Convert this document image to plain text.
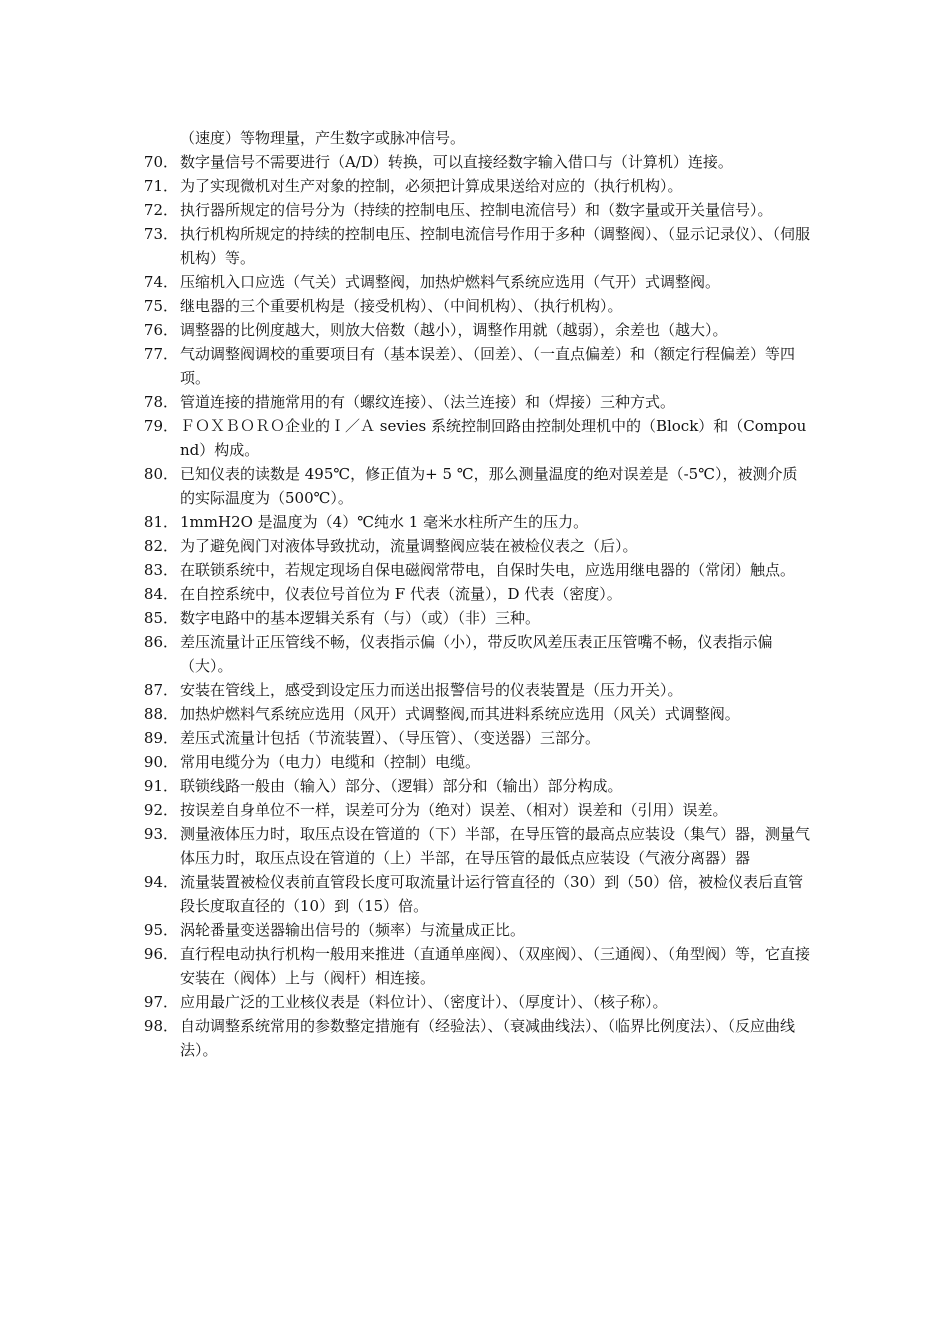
（速度）等物理量，产生数字或脉冲信号。

70． 数字量信号不需要进行（A/D）转换，可以直接经数字输入借口与（计算机）连接。

71． 为了实现微机对生产对象的控制，必须把计算成果送给对应的（执行机构）。

72． 执行器所规定的信号分为（持续的控制电压、控制电流信号）和（数字量或开关量信号）。

73． 执行机构所规定的持续的控制电压、控制电流信号作用于多种（调整阀）、（显示记录仪）、（伺服机构）等。

74． 压缩机入口应选（气关）式调整阀，加热炉燃料气系统应选用（气开）式调整阀。

75． 继电器的三个重要机构是（接受机构）、（中间机构）、（执行机构）。

76． 调整器的比例度越大，则放大倍数（越小），调整作用就（越弱），余差也（越大）。

77． 气动调整阀调校的重要项目有（基本误差）、（回差）、（一直点偏差）和（额定行程偏差）等四项。

78． 管道连接的措施常用的有（螺纹连接）、（法兰连接）和（焊接）三种方式。

79． ＦＯＸＢＯＲＯ企业的Ｉ／Ａ sevies 系统控制回路由控制处理机中的（Block）和（Compound）构成。

80． 已知仪表的读数是 495℃，修正值为+ 5 ℃，那么测量温度的绝对误差是（-5℃），被测介质的实际温度为（500℃）。

81． 1mmH2O 是温度为（4）℃纯水 1 毫米水柱所产生的压力。

82． 为了避免阀门对液体导致扰动，流量调整阀应装在被检仪表之（后）。

83． 在联锁系统中，若规定现场自保电磁阀常带电，自保时失电，应选用继电器的（常闭）触点。

84． 在自控系统中，仪表位号首位为 F 代表（流量），D 代表（密度）。

85． 数字电路中的基本逻辑关系有（与）（或）（非）三种。

86． 差压流量计正压管线不畅，仪表指示偏（小），带反吹风差压表正压管嘴不畅，仪表指示偏（大）。

87． 安装在管线上，感受到设定压力而送出报警信号的仪表装置是（压力开关）。

88． 加热炉燃料气系统应选用（风开）式调整阀,而其进料系统应选用（风关）式调整阀。

89． 差压式流量计包括（节流装置）、（导压管）、（变送器）三部分。

90． 常用电缆分为（电力）电缆和（控制）电缆。

91． 联锁线路一般由（输入）部分、（逻辑）部分和（输出）部分构成。

92． 按误差自身单位不一样，误差可分为（绝对）误差、（相对）误差和（引用）误差。

93． 测量液体压力时，取压点设在管道的（下）半部，在导压管的最高点应装设（集气）器，测量气体压力时，取压点设在管道的（上）半部，在导压管的最低点应装设（气液分离器）器

94． 流量装置被检仪表前直管段长度可取流量计运行管直径的（30）到（50）倍，被检仪表后直管段长度取直径的（10）到（15）倍。

95． 涡轮番量变送器输出信号的（频率）与流量成正比。

96． 直行程电动执行机构一般用来推进（直通单座阀）、（双座阀）、（三通阀）、（角型阀）等，它直接安装在（阀体）上与（阀杆）相连接。

97． 应用最广泛的工业核仪表是（料位计）、（密度计）、（厚度计）、（核子称）。

98． 自动调整系统常用的参数整定措施有（经验法）、（衰减曲线法）、（临界比例度法）、（反应曲线法）。
